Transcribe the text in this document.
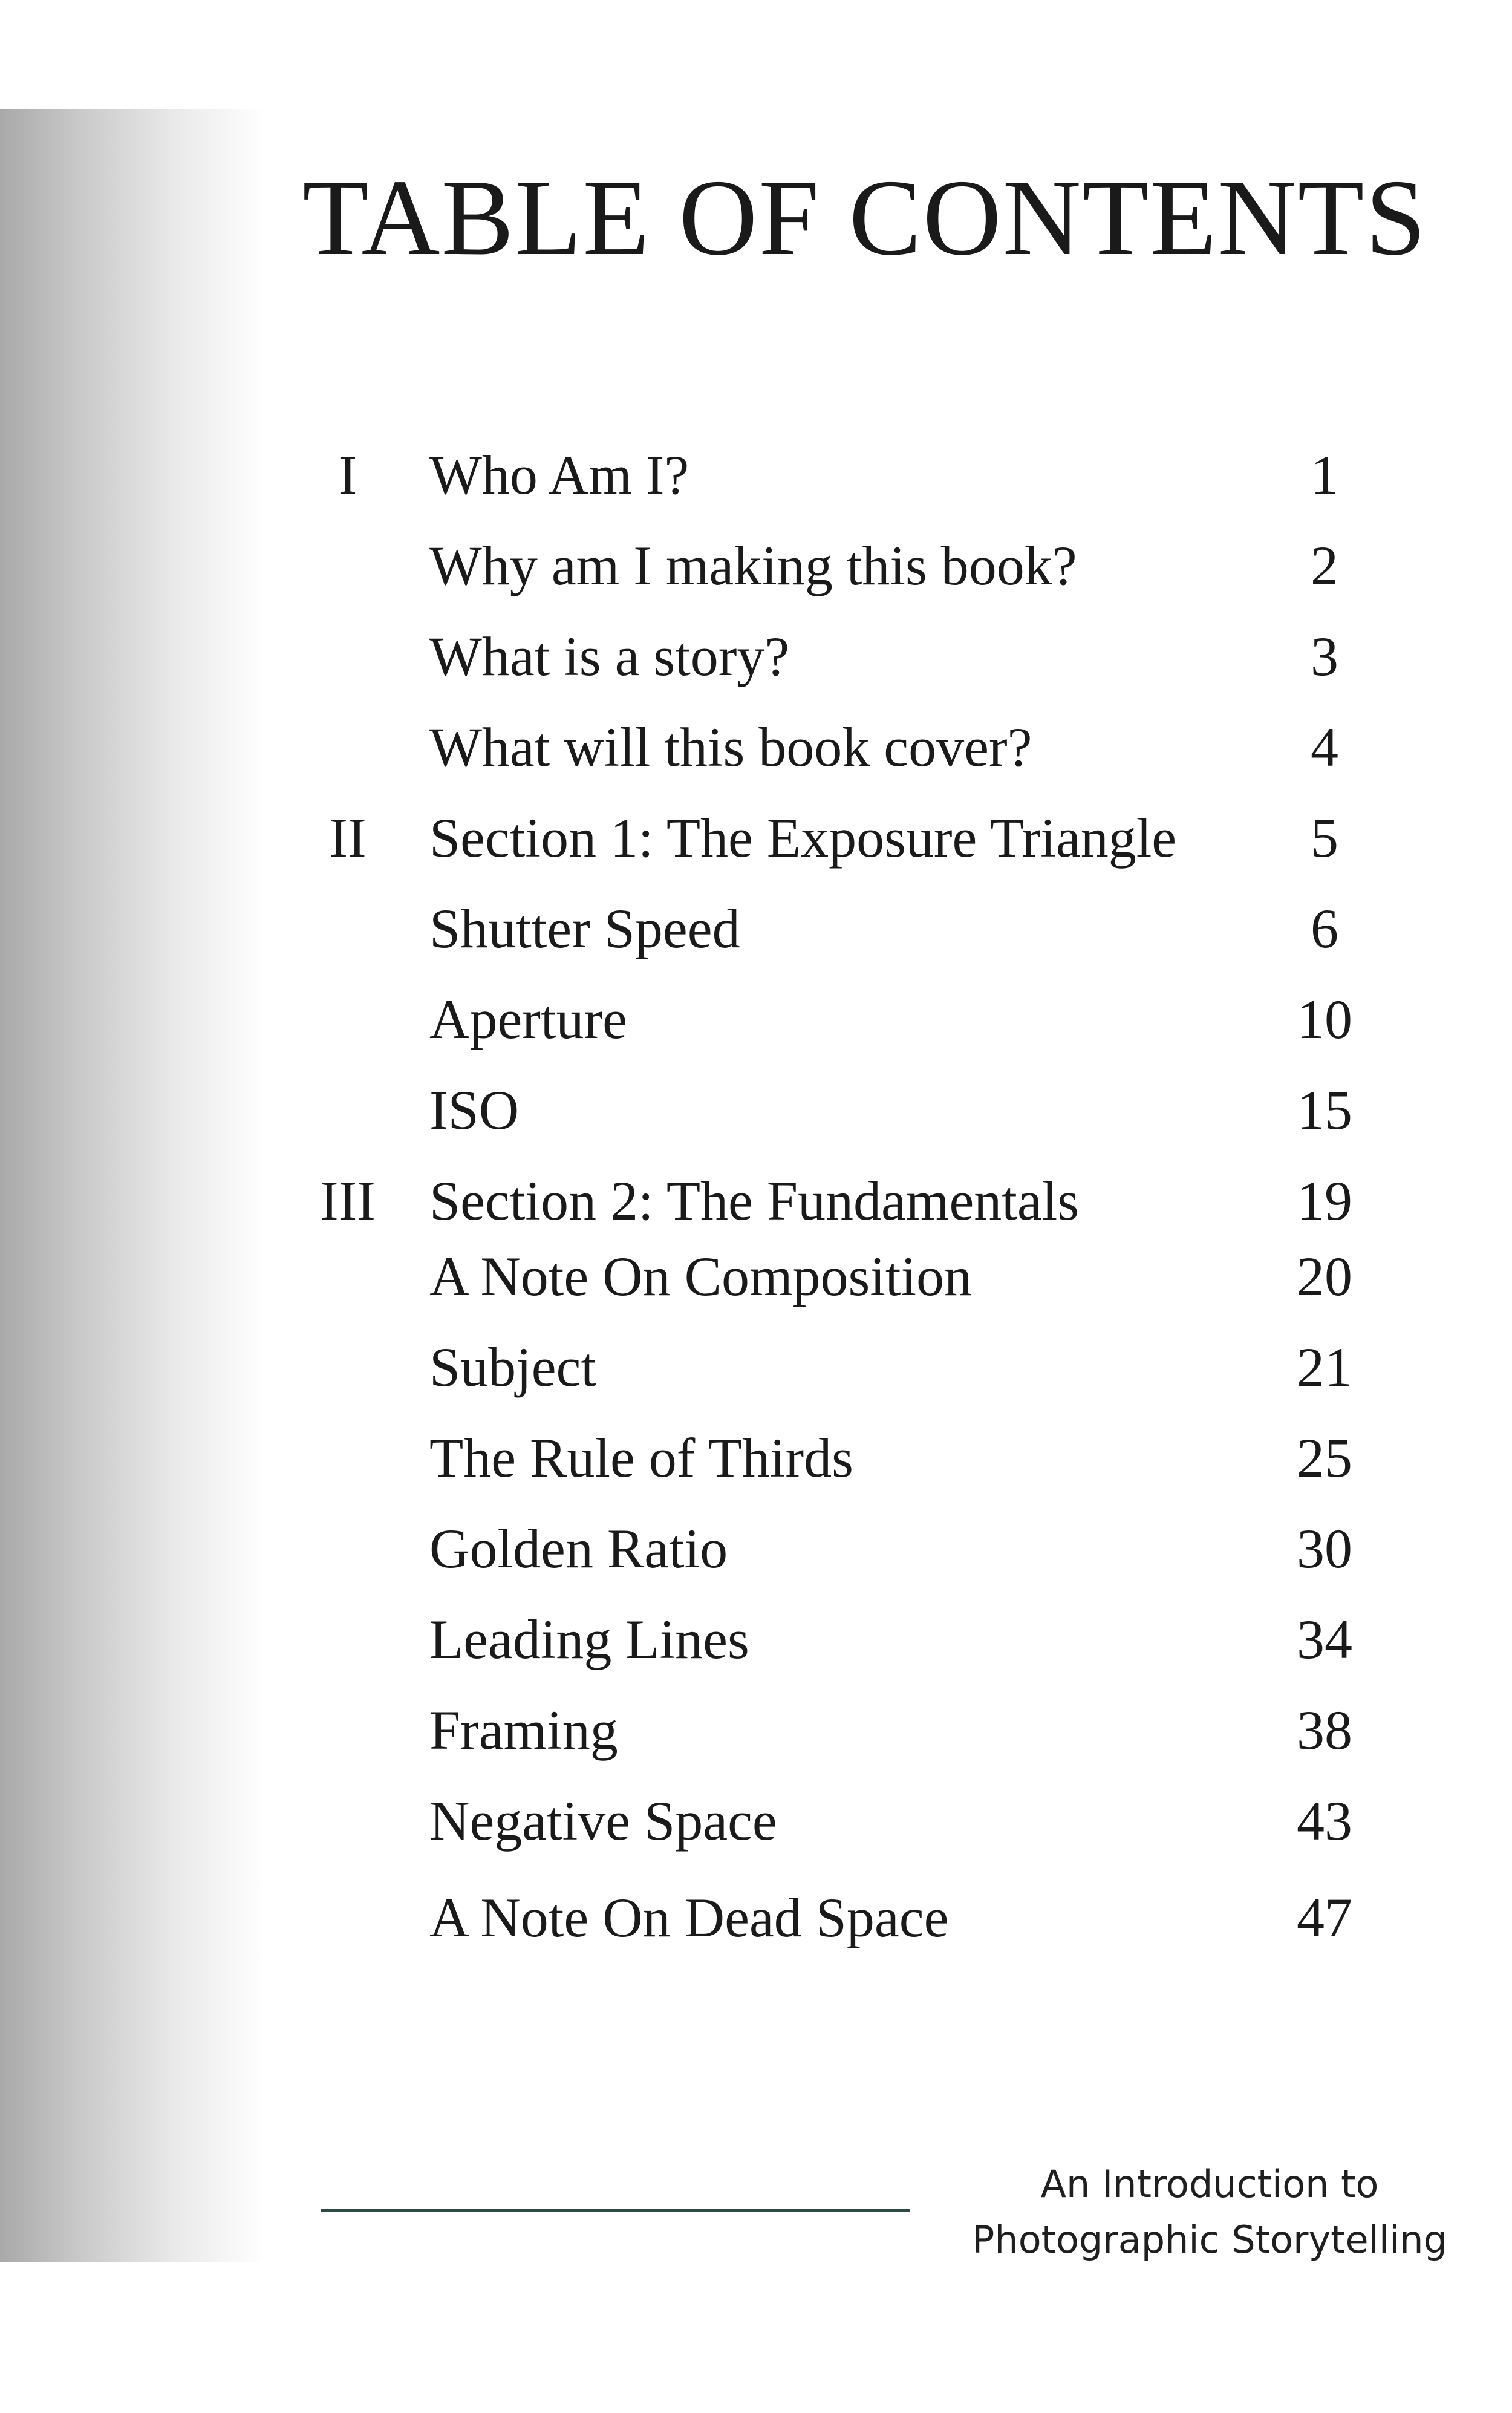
TABLE OF CONTENTS
I	Who Am I?	1
Why am I making this book?	2
What is a story?	3
What will this book cover?	4
II	Section 1: The Exposure Triangle	5
Shutter Speed	6
Aperture	10
ISO	15
III Section 2: The Fundamentals	19
A Note On Composition	20
Subject	21
The Rule of Thirds	25
Golden Ratio	30
Leading Lines	34
Framing	38
Negative Space	43
A Note On Dead Space	47
An Introduction to
Photographic Storytelling
